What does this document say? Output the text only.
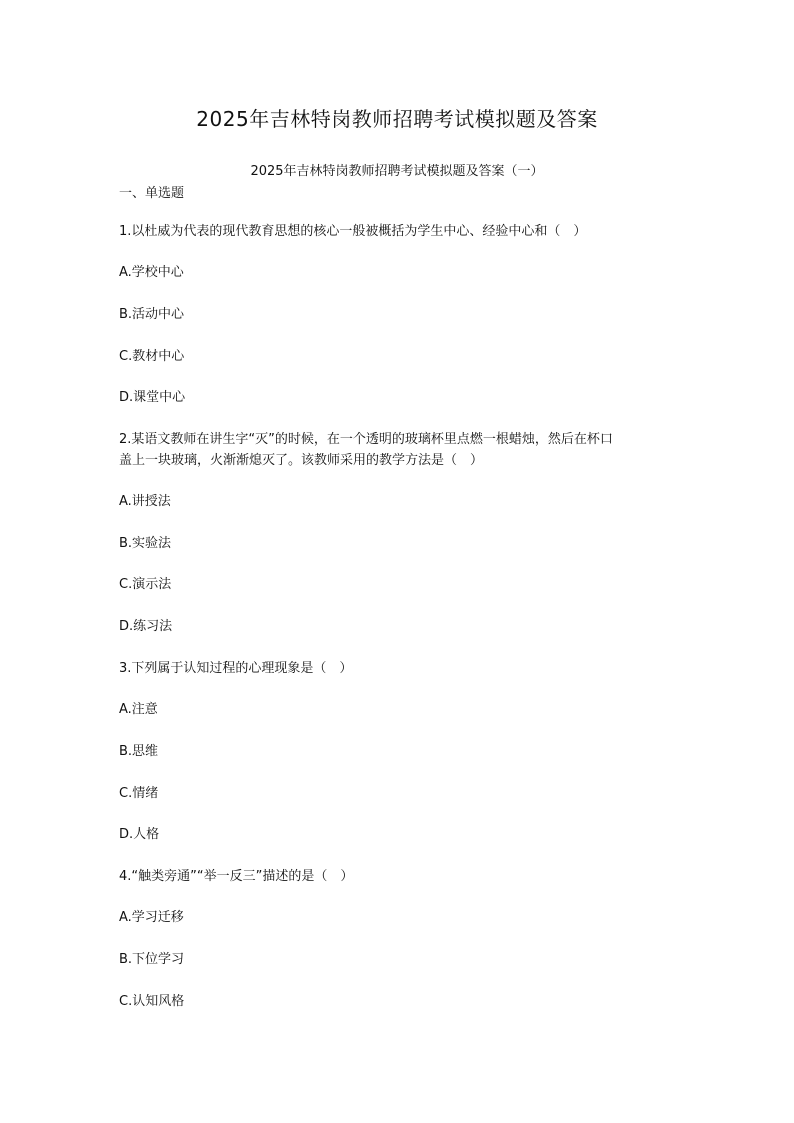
2025年吉林特岗教师招聘考试模拟题及答案
2025年吉林特岗教师招聘考试模拟题及答案（一）
一、单选题
1.以杜威为代表的现代教育思想的核心一般被概括为学生中心、经验中心和（　）
A.学校中心
B.活动中心
C.教材中心
D.课堂中心
2.某语文教师在讲生字“灭”的时候，在一个透明的玻璃杯里点燃一根蜡烛，然后在杯口
盖上一块玻璃，火渐渐熄灭了。该教师采用的教学方法是（　）
A.讲授法
B.实验法
C.演示法
D.练习法
3.下列属于认知过程的心理现象是（　）
A.注意
B.思维
C.情绪
D.人格
4.“触类旁通”“举一反三”描述的是（　）
A.学习迁移
B.下位学习
C.认知风格
